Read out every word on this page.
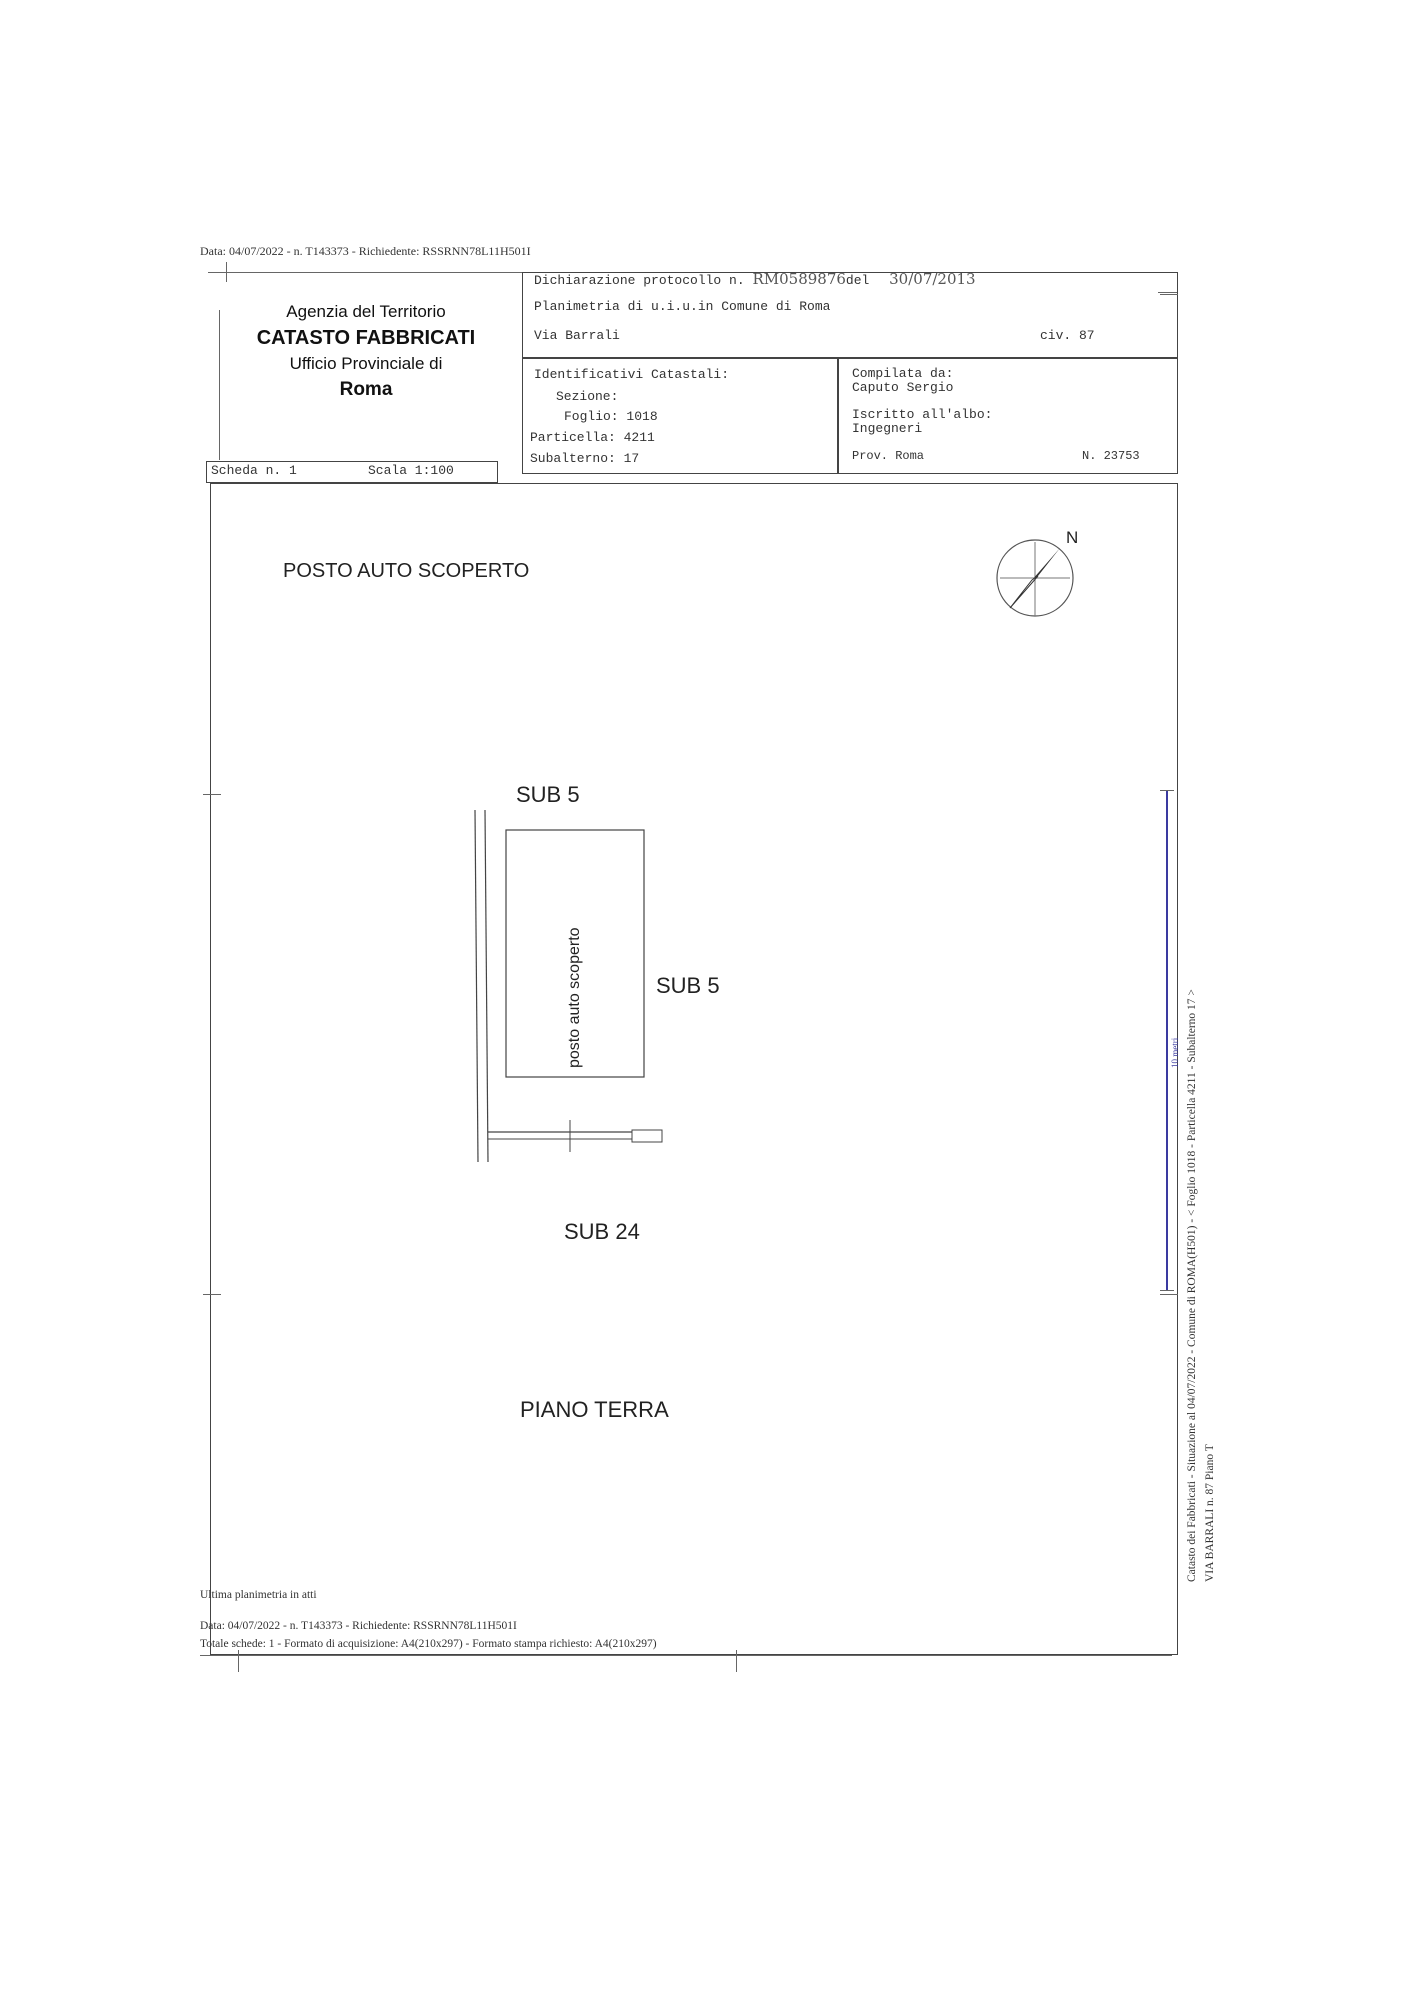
Data: 04/07/2022 - n. T143373 - Richiedente: RSSRNN78L11H501I
Agenzia del Territorio
CATASTO FABBRICATI
Ufficio Provinciale di
Roma
Dichiarazione protocollo n. RM0589876del 30/07/2013
Planimetria di u.i.u.in Comune di Roma
Via Barrali	civ. 87
Identificativi Catastali:
Sezione:
Foglio: 1018
Particella: 4211
Subalterno: 17
Compilata da:
Caputo Sergio
Iscritto all'albo:
Ingegneri
Prov. Roma	N. 23753
Scheda n. 1	Scala 1:100
POSTO AUTO SCOPERTO
SUB 5
SUB 5
SUB 24
PIANO TERRA
N
posto auto scoperto	10 metri Catasto dei Fabbricati - Situazione al 04/07/2022 - Comune di ROMA(H501) - < Foglio 1018 - Particella 4211 - Subalterno 17 > VIA BARRALI n. 87 Piano T
Ultima planimetria in atti
Data: 04/07/2022 - n. T143373 - Richiedente: RSSRNN78L11H501I
Totale schede: 1 - Formato di acquisizione: A4(210x297) - Formato stampa richiesto: A4(210x297)
